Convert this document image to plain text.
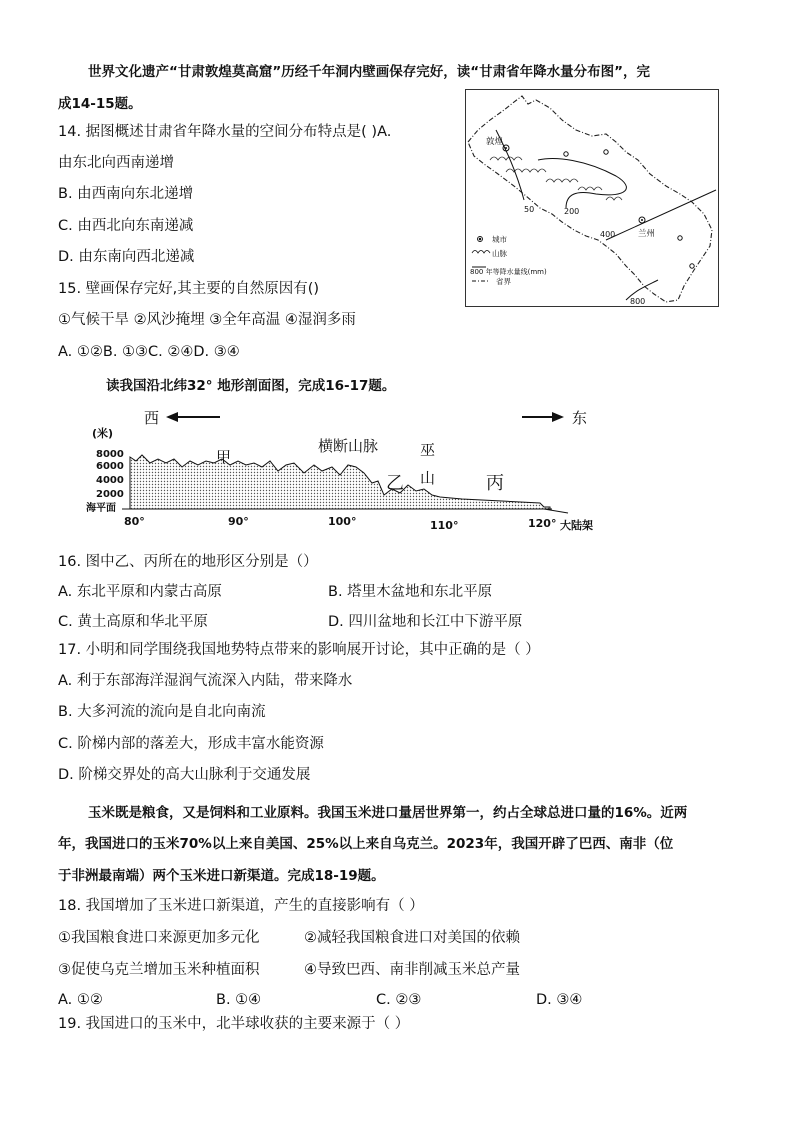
世界文化遗产“甘肃敦煌莫高窟”历经千年洞内壁画保存完好，读“甘肃省年降水量分布图”，完
成14-15题。
14. 据图概述甘肃省年降水量的空间分布特点是( )A.
由东北向西南递增
B. 由西南向东北递增
C. 由西北向东南递减
D. 由东南向西北递减
15. 壁画保存完好,其主要的自然原因有()
①气候干旱 ②风沙掩埋 ③全年高温 ④湿润多雨
A. ①②B. ①③C. ②④D. ③④
敦煌
兰州
50	200
400
800
城市
山脉
800 年等降水量线(mm)
省界
读我国沿北纬32° 地形剖面图，完成16-17题。
西	东
(米)
8000
6000
4000
2000
海平面
80°	90°	100°	110°	120° 大陆架
甲
横断山脉	巫
山
乙	丙
16. 图中乙、丙所在的地形区分别是（）
A. 东北平原和内蒙古高原	B. 塔里木盆地和东北平原
C. 黄土高原和华北平原	D. 四川盆地和长江中下游平原
17. 小明和同学围绕我国地势特点带来的影响展开讨论，其中正确的是（ ）
A. 利于东部海洋湿润气流深入内陆，带来降水
B. 大多河流的流向是自北向南流
C. 阶梯内部的落差大，形成丰富水能资源
D. 阶梯交界处的高大山脉利于交通发展
玉米既是粮食，又是饲料和工业原料。我国玉米进口量居世界第一，约占全球总进口量的16%。近两
年，我国进口的玉米70%以上来自美国、25%以上来自乌克兰。2023年，我国开辟了巴西、南非（位
于非洲最南端）两个玉米进口新渠道。完成18-19题。
18. 我国增加了玉米进口新渠道，产生的直接影响有（ ）
①我国粮食进口来源更加多元化	②减轻我国粮食进口对美国的依赖
③促使乌克兰增加玉米种植面积	④导致巴西、南非削减玉米总产量
A. ①②	B. ①④	C. ②③	D. ③④
19. 我国进口的玉米中，北半球收获的主要来源于（ ）
